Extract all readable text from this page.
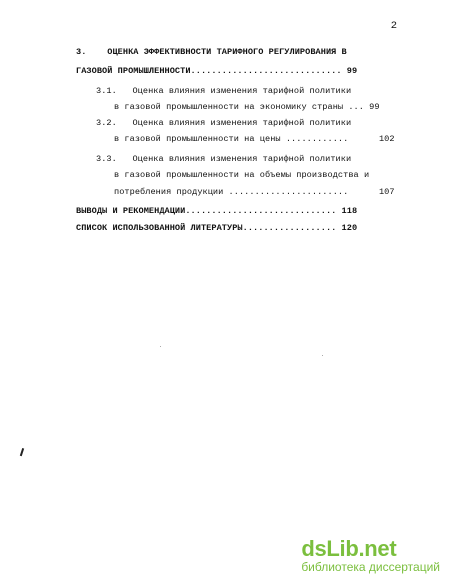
2
3.    ОЦЕНКА ЭФФЕКТИВНОСТИ ТАРИФНОГО РЕГУЛИРОВАНИЯ В
ГАЗОВОЙ ПРОМЫШЛЕННОСТИ............................. 99
3.1.   Оценка влияния изменения тарифной политики
в газовой промышленности на экономику страны ... 99
3.2.   Оценка влияния изменения тарифной политики
в газовой промышленности на цены ............	102
3.3.   Оценка влияния изменения тарифной политики
в газовой промышленности на объемы производства и
потребления продукции .......................	107
ВЫВОДЫ И РЕКОМЕНДАЦИИ............................. 118
СПИСОК ИСПОЛЬЗОВАННОЙ ЛИТЕРАТУРЫ.................. 120
dsLib.net
библиотека диссертаций
